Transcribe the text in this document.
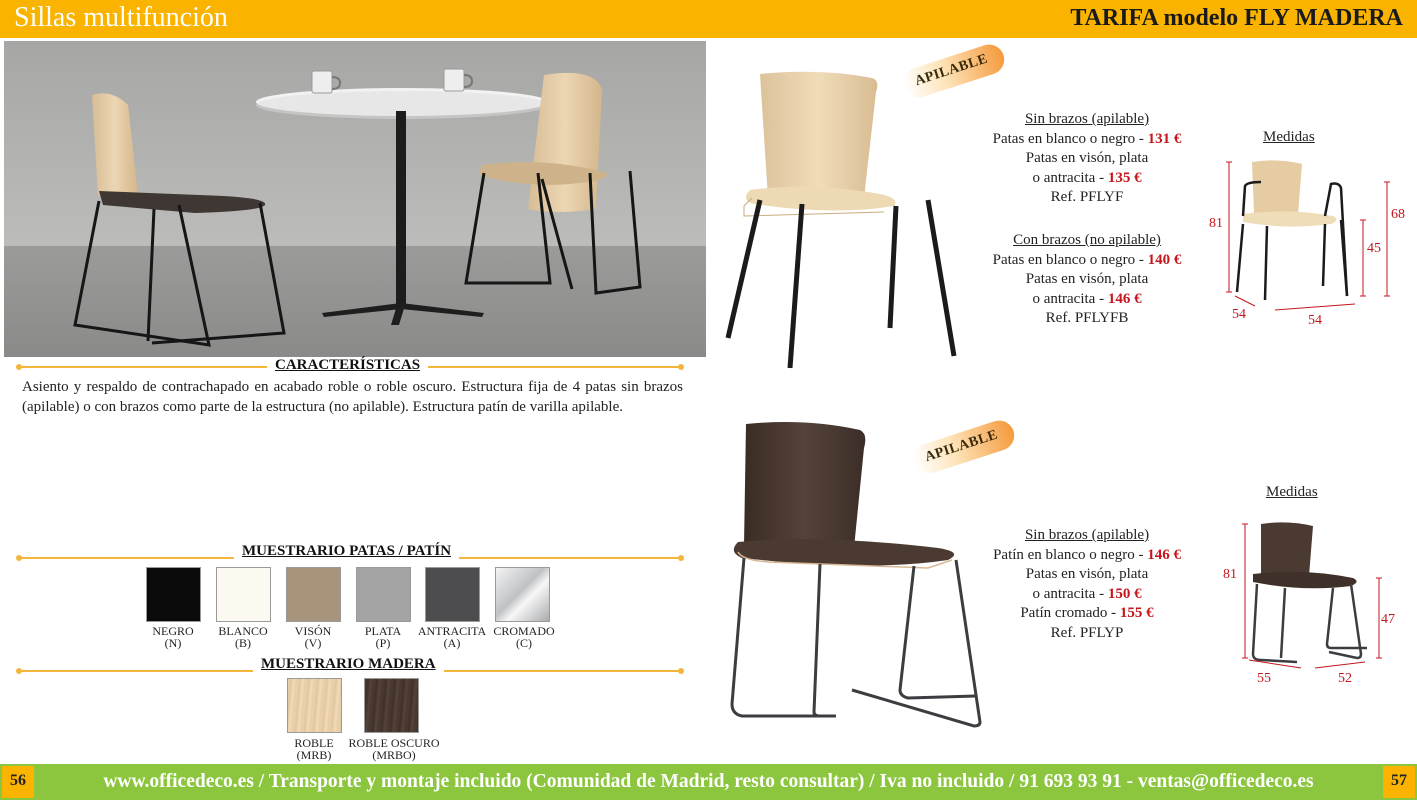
Sillas multifunción	TARIFA modelo FLY MADERA
CARACTERÍSTICAS
Asiento y respaldo de contrachapado en acabado roble o roble oscuro. Estructura fija de 4 patas sin brazos (apilable) o con brazos como parte de la estructura (no apilable). Estructura patín de varilla apilable.
MUESTRARIO PATAS / PATÍN
NEGRO
(N)
BLANCO
(B)
VISÓN
(V)
PLATA
(P)
ANTRACITA
(A)
CROMADO
(C)
MUESTRARIO MADERA
ROBLE
(MRB)
ROBLE OSCURO
(MRBO)
APILABLE
Sin brazos (apilable)
Patas en blanco o negro - 131 €
Patas en visón, plata
o antracita - 135 €
Ref. PFLYF
Con brazos (no apilable)
Patas en blanco o negro - 140 €
Patas en visón, plata
o antracita - 146 €
Ref. PFLYFB
Medidas
81
68
45
54	54
APILABLE
Sin brazos (apilable)
Patín en blanco o negro - 146 €
Patas en visón, plata
o antracita - 150 €
Patín cromado - 155 €
Ref. PFLYP
Medidas
81
47
55	52
www.officedeco.es / Transporte y montaje incluido (Comunidad de Madrid, resto consultar) / Iva no incluido / 91 693 93 91 - ventas@officedeco.es
56	57
